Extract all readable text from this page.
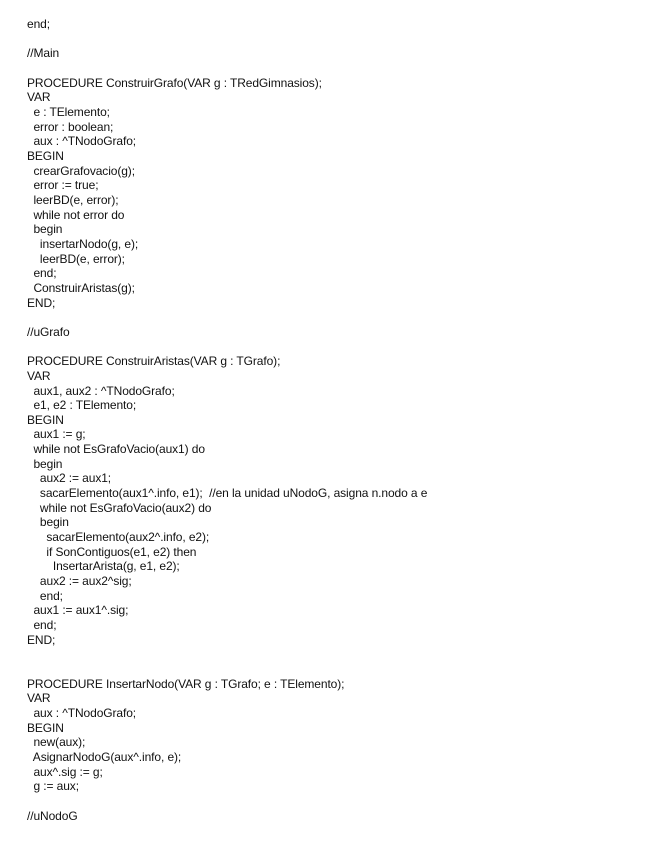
end;
//Main
PROCEDURE ConstruirGrafo(VAR g : TRedGimnasios);
VAR
e : TElemento;
error : boolean;
aux : ^TNodoGrafo;
BEGIN
crearGrafovacio(g);
error := true;
leerBD(e, error);
while not error do
begin
insertarNodo(g, e);
leerBD(e, error);
end;
ConstruirAristas(g);
END;
//uGrafo
PROCEDURE ConstruirAristas(VAR g : TGrafo);
VAR
aux1, aux2 : ^TNodoGrafo;
e1, e2 : TElemento;
BEGIN
aux1 := g;
while not EsGrafoVacio(aux1) do
begin
aux2 := aux1;
sacarElemento(aux1^.info, e1);  //en la unidad uNodoG, asigna n.nodo a e
while not EsGrafoVacio(aux2) do
begin
sacarElemento(aux2^.info, e2);
if SonContiguos(e1, e2) then
InsertarArista(g, e1, e2);
aux2 := aux2^sig;
end;
aux1 := aux1^.sig;
end;
END;
PROCEDURE InsertarNodo(VAR g : TGrafo; e : TElemento);
VAR
aux : ^TNodoGrafo;
BEGIN
new(aux);
AsignarNodoG(aux^.info, e);
aux^.sig := g;
g := aux;
//uNodoG
